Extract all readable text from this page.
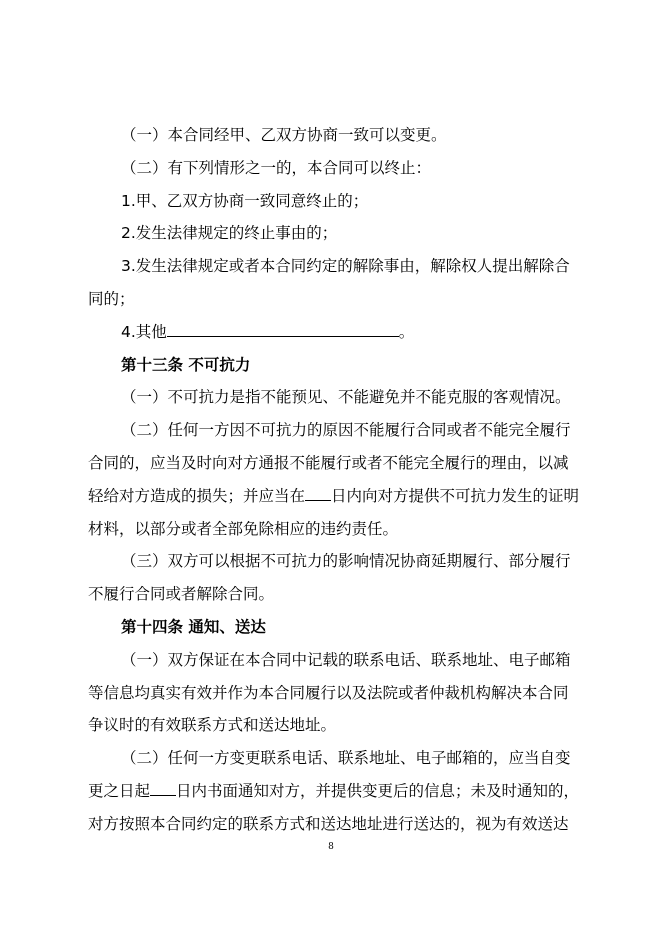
（一）本合同经甲、乙双方协商一致可以变更。
（二）有下列情形之一的，本合同可以终止：
1.甲、乙双方协商一致同意终止的；
2.发生法律规定的终止事由的；
3.发生法律规定或者本合同约定的解除事由，解除权人提出解除合
同的；
4.其他	。
第十三条 不可抗力
（一）不可抗力是指不能预见、不能避免并不能克服的客观情况。
（二）任何一方因不可抗力的原因不能履行合同或者不能完全履行
合同的，应当及时向对方通报不能履行或者不能完全履行的理由，以减
轻给对方造成的损失；并应当在 日内向对方提供不可抗力发生的证明
材料，以部分或者全部免除相应的违约责任。
（三）双方可以根据不可抗力的影响情况协商延期履行、部分履行
不履行合同或者解除合同。
第十四条 通知、送达
（一）双方保证在本合同中记载的联系电话、联系地址、电子邮箱
等信息均真实有效并作为本合同履行以及法院或者仲裁机构解决本合同
争议时的有效联系方式和送达地址。
（二）任何一方变更联系电话、联系地址、电子邮箱的，应当自变
更之日起 日内书面通知对方，并提供变更后的信息；未及时通知的，
对方按照本合同约定的联系方式和送达地址进行送达的，视为有效送达
8
